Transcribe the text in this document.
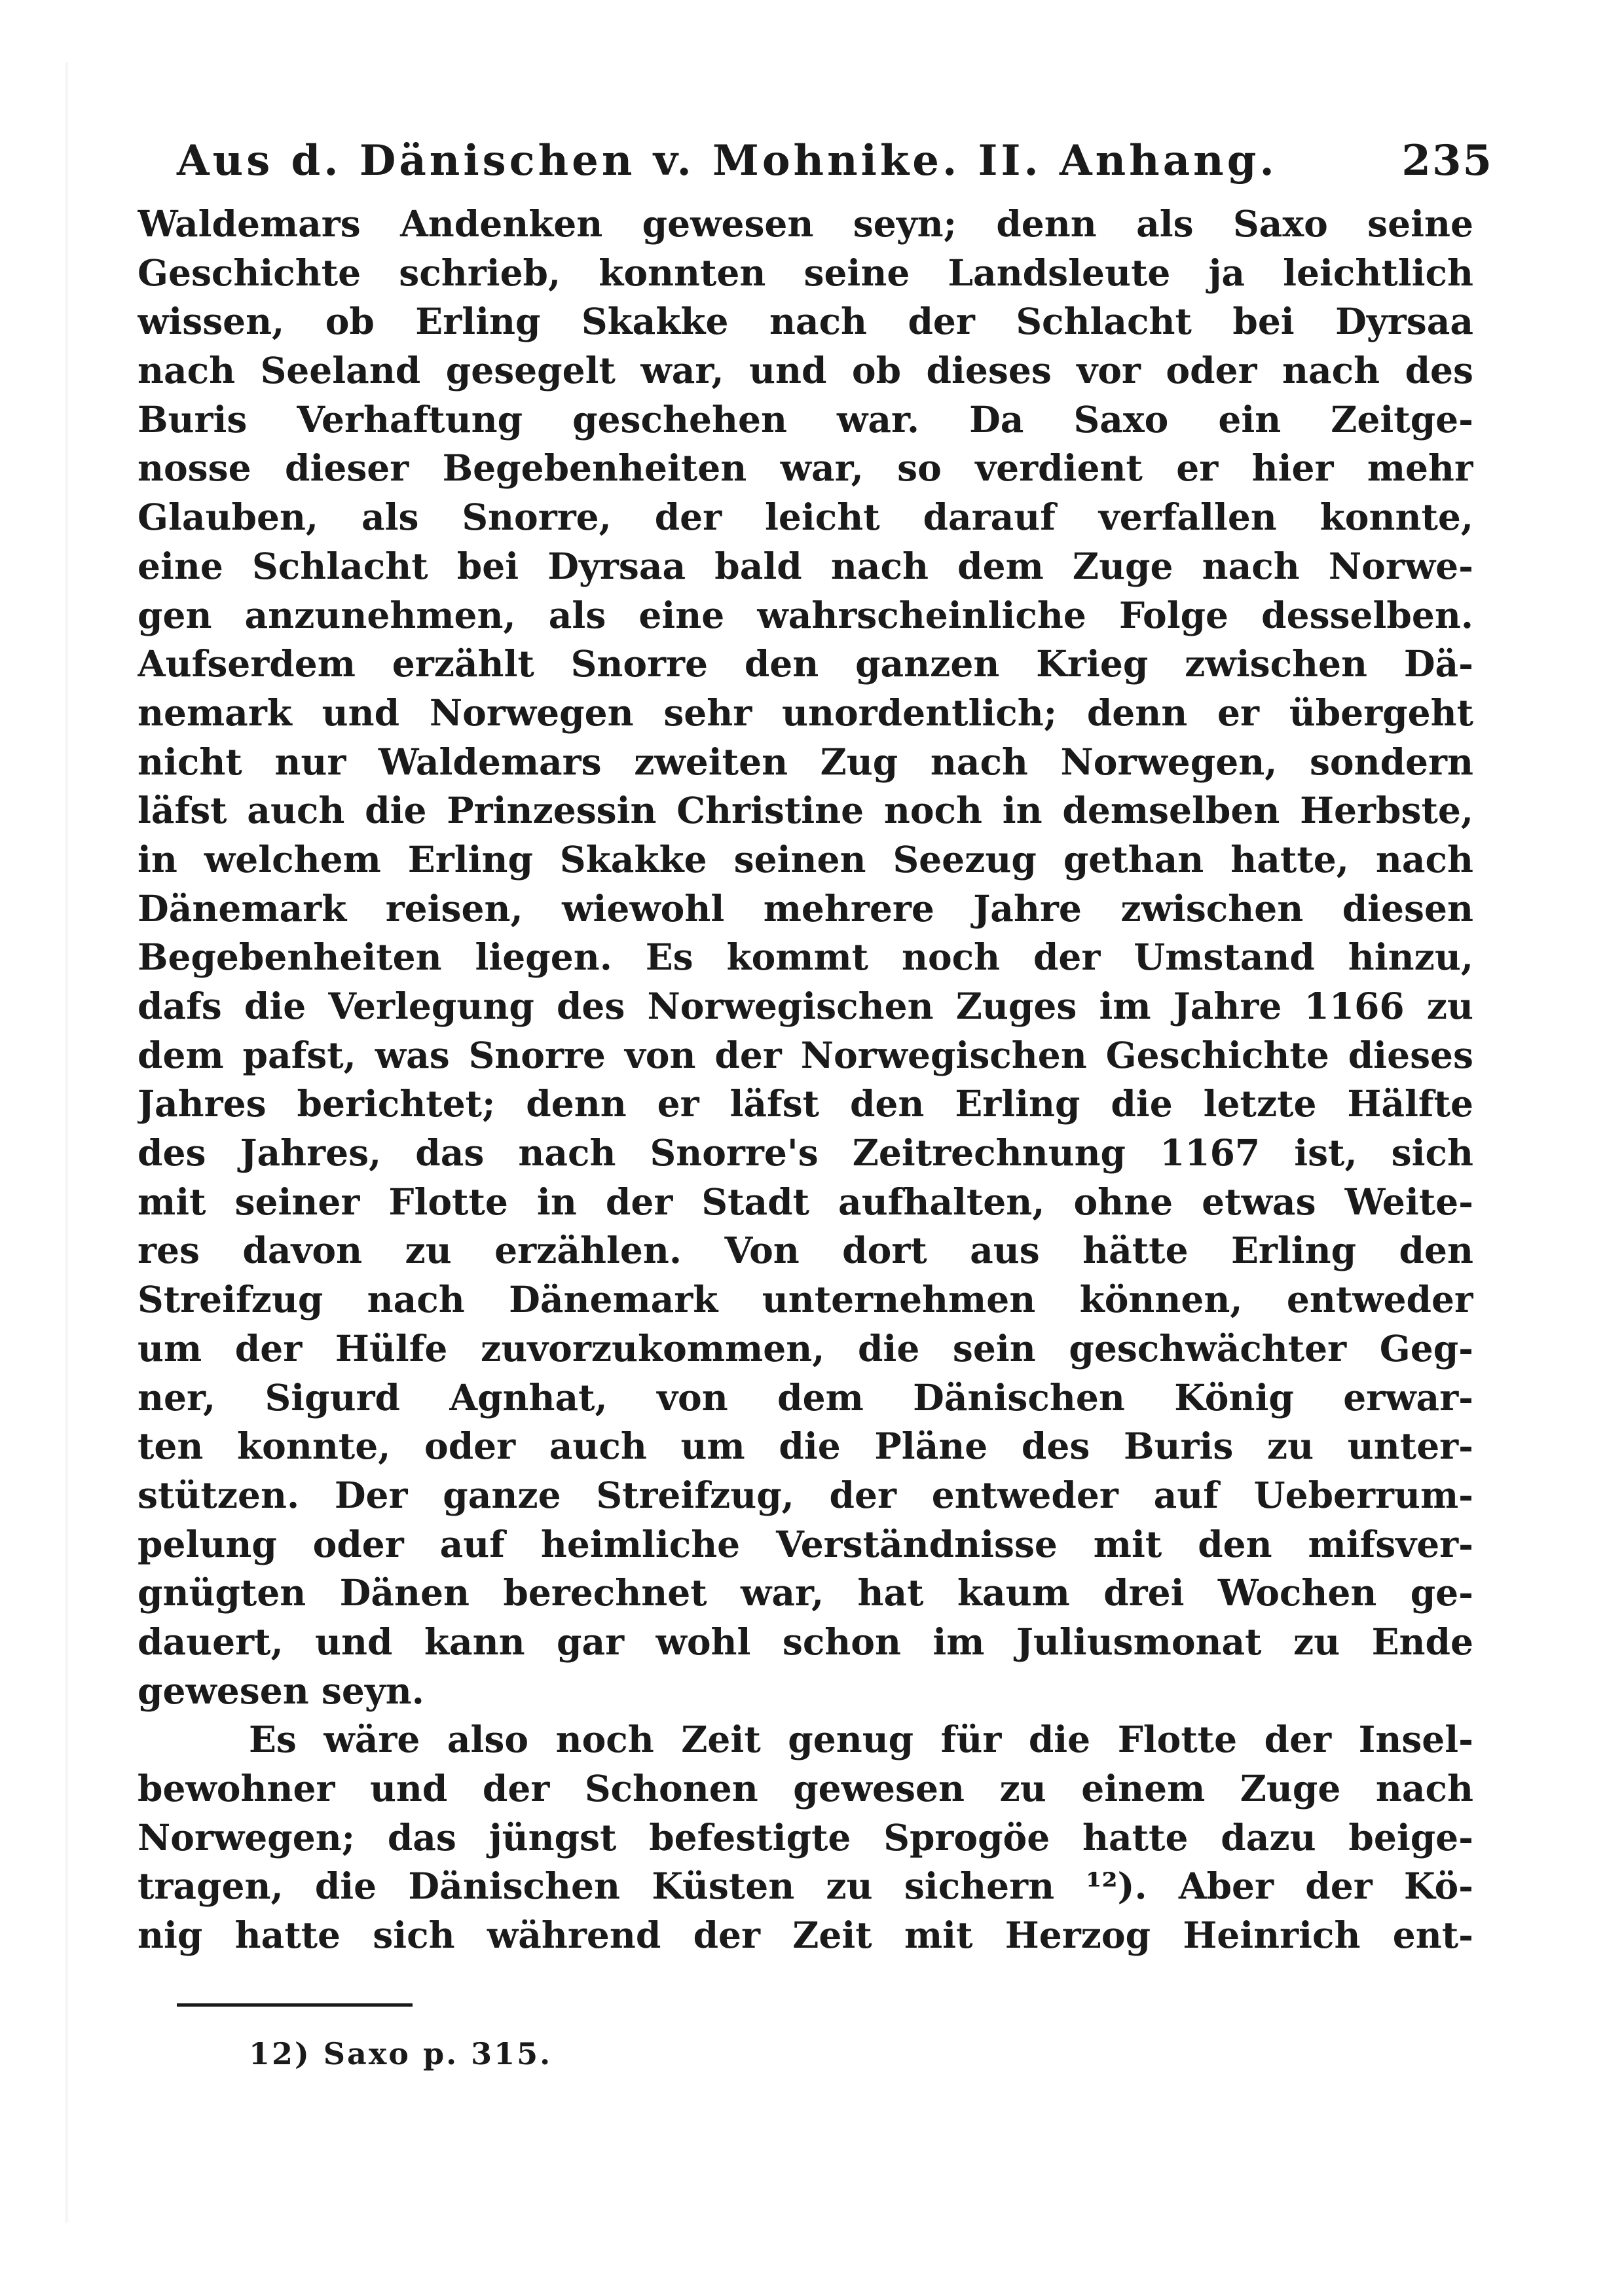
Aus d. Dänischen v. Mohnike. II. Anhang.	235
Waldemars Andenken gewesen seyn; denn als Saxo seine
Geschichte schrieb, konnten seine Landsleute ja leichtlich
wissen, ob Erling Skakke nach der Schlacht bei Dyrsaa
nach Seeland gesegelt war, und ob dieses vor oder nach des
Buris Verhaftung geschehen war. Da Saxo ein Zeitge-
nosse dieser Begebenheiten war, so verdient er hier mehr
Glauben, als Snorre, der leicht darauf verfallen konnte,
eine Schlacht bei Dyrsaa bald nach dem Zuge nach Norwe-
gen anzunehmen, als eine wahrscheinliche Folge desselben.
Aufserdem erzählt Snorre den ganzen Krieg zwischen Dä-
nemark und Norwegen sehr unordentlich; denn er übergeht
nicht nur Waldemars zweiten Zug nach Norwegen, sondern
läfst auch die Prinzessin Christine noch in demselben Herbste,
in welchem Erling Skakke seinen Seezug gethan hatte, nach
Dänemark reisen, wiewohl mehrere Jahre zwischen diesen
Begebenheiten liegen. Es kommt noch der Umstand hinzu,
dafs die Verlegung des Norwegischen Zuges im Jahre 1166 zu
dem pafst, was Snorre von der Norwegischen Geschichte dieses
Jahres berichtet; denn er läfst den Erling die letzte Hälfte
des Jahres, das nach Snorre's Zeitrechnung 1167 ist, sich
mit seiner Flotte in der Stadt aufhalten, ohne etwas Weite-
res davon zu erzählen. Von dort aus hätte Erling den
Streifzug nach Dänemark unternehmen können, entweder
um der Hülfe zuvorzukommen, die sein geschwächter Geg-
ner, Sigurd Agnhat, von dem Dänischen König erwar-
ten konnte, oder auch um die Pläne des Buris zu unter-
stützen. Der ganze Streifzug, der entweder auf Ueberrum-
pelung oder auf heimliche Verständnisse mit den mifsver-
gnügten Dänen berechnet war, hat kaum drei Wochen ge-
dauert, und kann gar wohl schon im Juliusmonat zu Ende
gewesen seyn.
Es wäre also noch Zeit genug für die Flotte der Insel-
bewohner und der Schonen gewesen zu einem Zuge nach
Norwegen; das jüngst befestigte Sprogöe hatte dazu beige-
tragen, die Dänischen Küsten zu sichern ¹²). Aber der Kö-
nig hatte sich während der Zeit mit Herzog Heinrich ent-
12) Saxo p. 315.
